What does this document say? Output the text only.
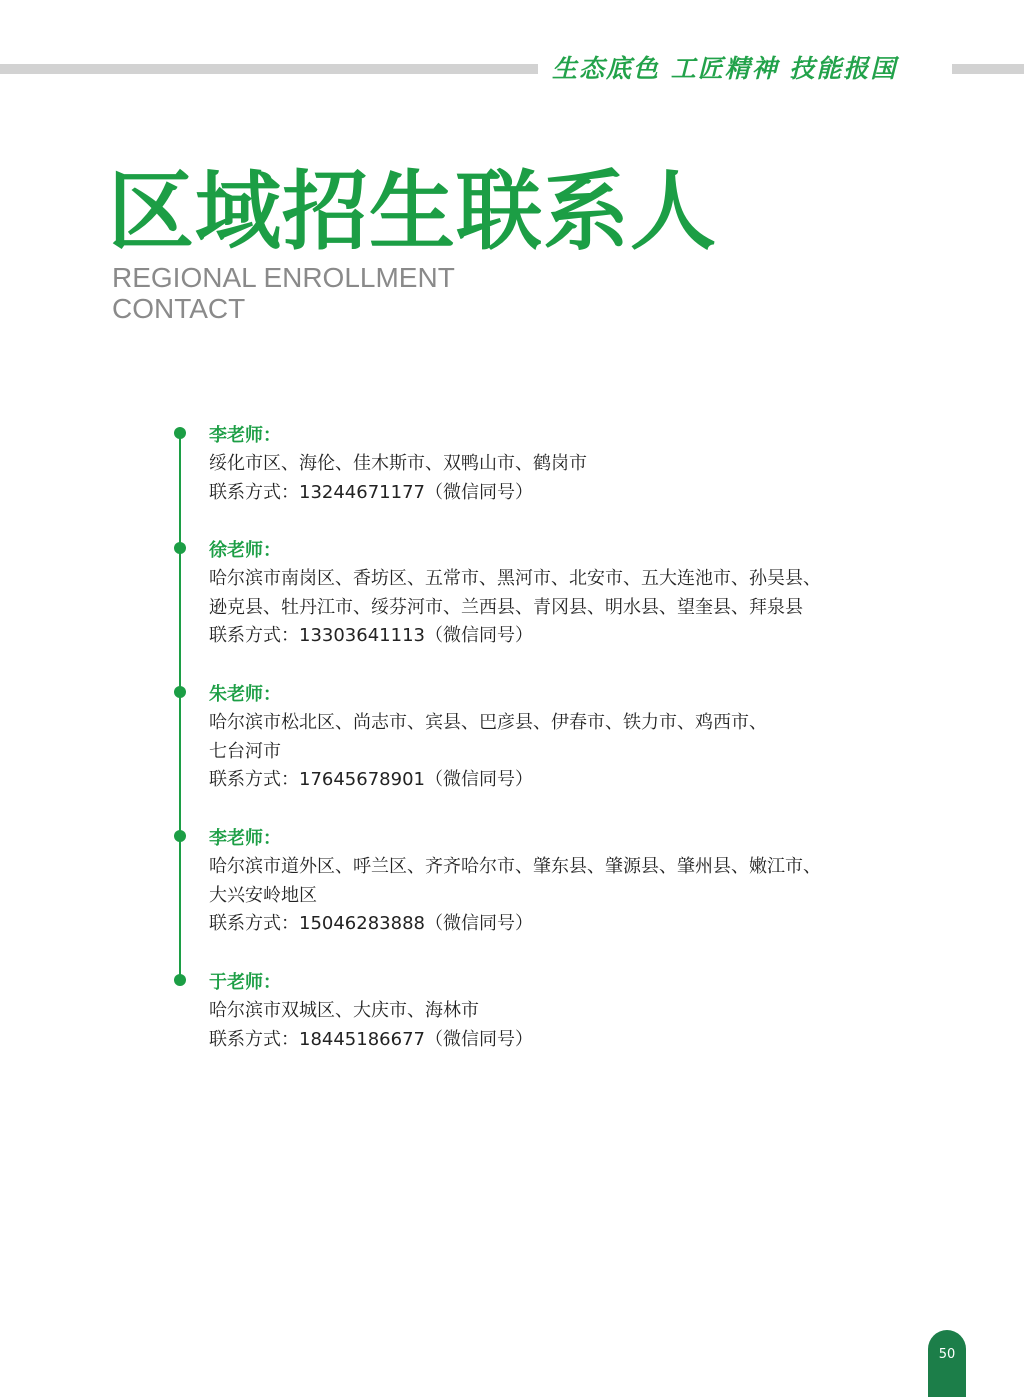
生态底色 工匠精神 技能报国
区域招生联系人
REGIONAL ENROLLMENT
CONTACT
李老师：
绥化市区、海伦、佳木斯市、双鸭山市、鹤岗市
联系方式：13244671177（微信同号）
徐老师：
哈尔滨市南岗区、香坊区、五常市、黑河市、北安市、五大连池市、孙吴县、
逊克县、牡丹江市、绥芬河市、兰西县、青冈县、明水县、望奎县、拜泉县
联系方式：13303641113（微信同号）
朱老师：
哈尔滨市松北区、尚志市、宾县、巴彦县、伊春市、铁力市、鸡西市、
七台河市
联系方式：17645678901（微信同号）
李老师：
哈尔滨市道外区、呼兰区、齐齐哈尔市、肇东县、肇源县、肇州县、嫩江市、
大兴安岭地区
联系方式：15046283888（微信同号）
于老师：
哈尔滨市双城区、大庆市、海林市
联系方式：18445186677（微信同号）
50
